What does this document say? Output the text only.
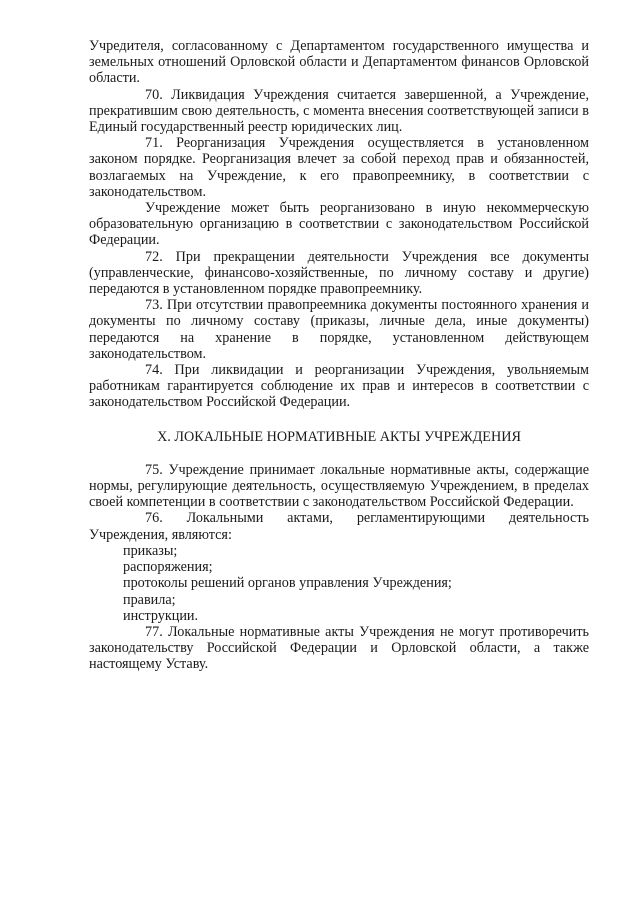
Учредителя, согласованному с Департаментом государственного имущества и земельных отношений Орловской области и Департаментом финансов Орловской области.

70. Ликвидация Учреждения считается завершенной, а Учреждение, прекратившим свою деятельность, с момента внесения соответствующей записи в Единый государственный реестр юридических лиц.

71. Реорганизация Учреждения осуществляется в установленном законом порядке. Реорганизация влечет за собой переход прав и обязанностей, возлагаемых на Учреждение, к его правопреемнику, в соответствии с законодательством.

Учреждение может быть реорганизовано в иную некоммерческую образовательную организацию в соответствии с законодательством Российской Федерации.

72. При прекращении деятельности Учреждения все документы (управленческие, финансово-хозяйственные, по личному составу и другие) передаются в установленном порядке правопреемнику.

73. При отсутствии правопреемника документы постоянного хранения и документы по личному составу (приказы, личные дела, иные документы) передаются на хранение в порядке, установленном действующем законодательством.

74. При ликвидации и реорганизации Учреждения, увольняемым работникам гарантируется соблюдение их прав и интересов в соответствии с законодательством Российской Федерации.

X. ЛОКАЛЬНЫЕ НОРМАТИВНЫЕ АКТЫ УЧРЕЖДЕНИЯ

75. Учреждение принимает локальные нормативные акты, содержащие нормы, регулирующие деятельность, осуществляемую Учреждением, в пределах своей компетенции в соответствии с законодательством Российской Федерации.

76. Локальными актами, регламентирующими деятельность Учреждения, являются:

приказы;

распоряжения;

протоколы решений органов управления Учреждения;

правила;

инструкции.

77. Локальные нормативные акты Учреждения не могут противоречить законодательству Российской Федерации и Орловской области, а также настоящему Уставу.
